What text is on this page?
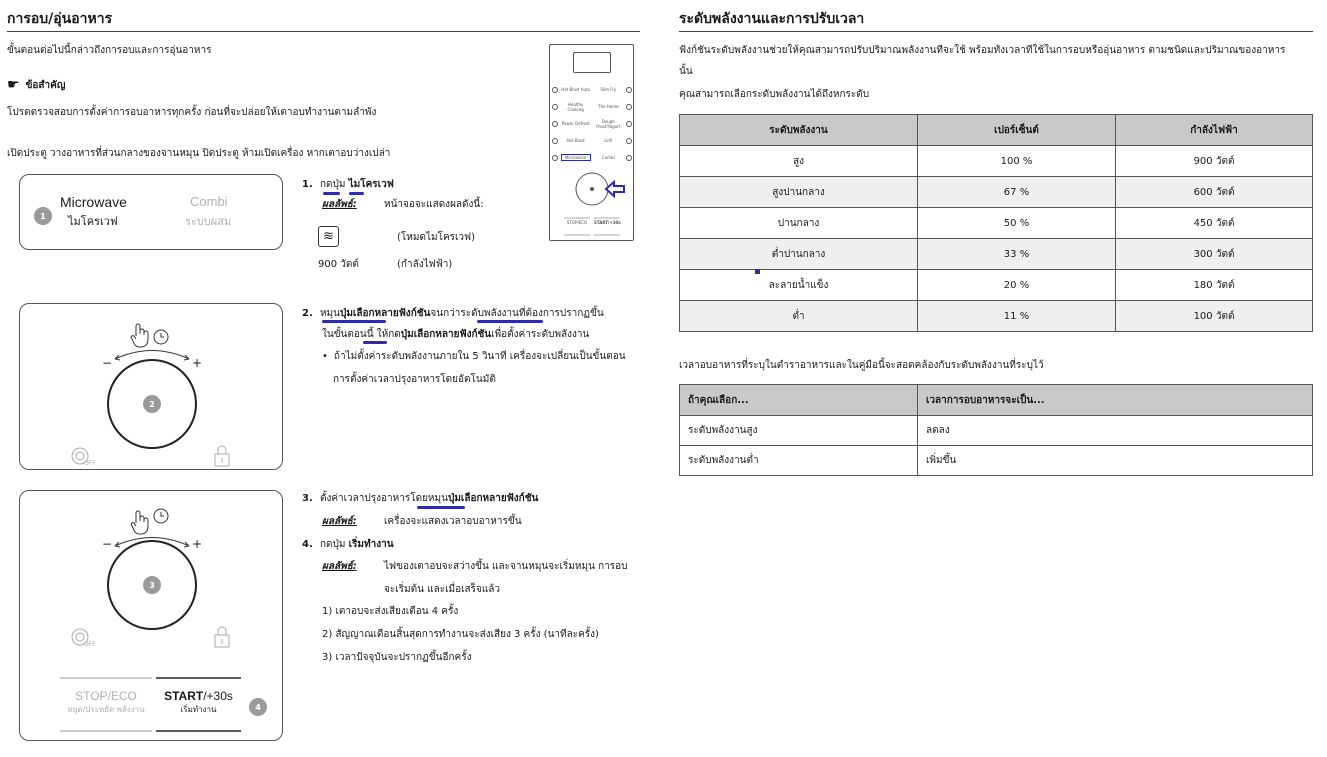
การอบ/อุ่นอาหาร
ขั้นตอนต่อไปนี้กล่าวถึงการอบและการอุ่นอาหาร
☛ ข้อสำคัญ
โปรดตรวจสอบการตั้งค่าการอบอาหารทุกครั้ง ก่อนที่จะปล่อยให้เตาอบทำงานตามลำพัง
เปิดประตู วางอาหารที่ส่วนกลางของจานหมุน ปิดประตู ห้ามเปิดเครื่อง หากเตาอบว่างเปล่า
1
Microwave
ไมโครเวฟ
Combi
ระบบผสม
−	+
2
OFF
−	+
3
OFF
STOP/ECO
หยุด/ประหยัด พลังงาน
START/+30s
เริ่มทำงาน	4
1. กดปุ่ม ไมโครเวฟ
ผลลัพธ์:	หน้าจอจะแสดงผลดังนี้:
≋	(โหมดไมโครเวฟ)
900 วัตต์	(กำลังไฟฟ้า)
Hot Blast Auto	Slim Fry
Healthy Cooking	The Home
Power Defrost	Dough Proof/Yogurt
Hot Blast	Grill
Microwave	Combi
STOP/ECO	START/+30s
2. หมุนปุ่มเลือกหลายฟังก์ชันจนกว่าระดับพลังงานที่ต้องการปรากฏขึ้น
ในขั้นตอนนี้ ให้กดปุ่มเลือกหลายฟังก์ชันเพื่อตั้งค่าระดับพลังงาน
• ถ้าไม่ตั้งค่าระดับพลังงานภายใน 5 วินาที เครื่องจะเปลี่ยนเป็นขั้นตอน
การตั้งค่าเวลาปรุงอาหารโดยอัตโนมัติ
3. ตั้งค่าเวลาปรุงอาหารโดยหมุนปุ่มเลือกหลายฟังก์ชัน
ผลลัพธ์:	เครื่องจะแสดงเวลาอบอาหารขึ้น
4. กดปุ่ม เริ่มทำงาน
ผลลัพธ์:	ไฟของเตาอบจะสว่างขึ้น และจานหมุนจะเริ่มหมุน การอบ
จะเริ่มต้น และเมื่อเสร็จแล้ว
1) เตาอบจะส่งเสียงเตือน 4 ครั้ง
2) สัญญาณเตือนสิ้นสุดการทำงานจะส่งเสียง 3 ครั้ง (นาทีละครั้ง)
3) เวลาปัจจุบันจะปรากฏขึ้นอีกครั้ง
ระดับพลังงานและการปรับเวลา
ฟังก์ชั่นระดับพลังงานช่วยให้คุณสามารถปรับปริมาณพลังงานที่จะใช้ พร้อมทั้งเวลาที่ใช้ในการอบหรืออุ่นอาหาร ตามชนิดและปริมาณของอาหาร
นั้น
คุณสามารถเลือกระดับพลังงานได้ถึงหกระดับ
ระดับพลังงาน	เปอร์เซ็นต์	กำลังไฟฟ้า
สูง	100 %	900 วัตต์
สูงปานกลาง	67 %	600 วัตต์
ปานกลาง	50 %	450 วัตต์
ต่ำปานกลาง	33 %	300 วัตต์
ละลายน้ำแข็ง	20 %	180 วัตต์
ต่ำ	11 %	100 วัตต์
เวลาอบอาหารที่ระบุในตำราอาหารและในคู่มือนี้จะสอดคล้องกับระดับพลังงานที่ระบุไว้
ถ้าคุณเลือก...	เวลาการอบอาหารจะเป็น...
ระดับพลังงานสูง	ลดลง
ระดับพลังงานต่ำ	เพิ่มขึ้น
